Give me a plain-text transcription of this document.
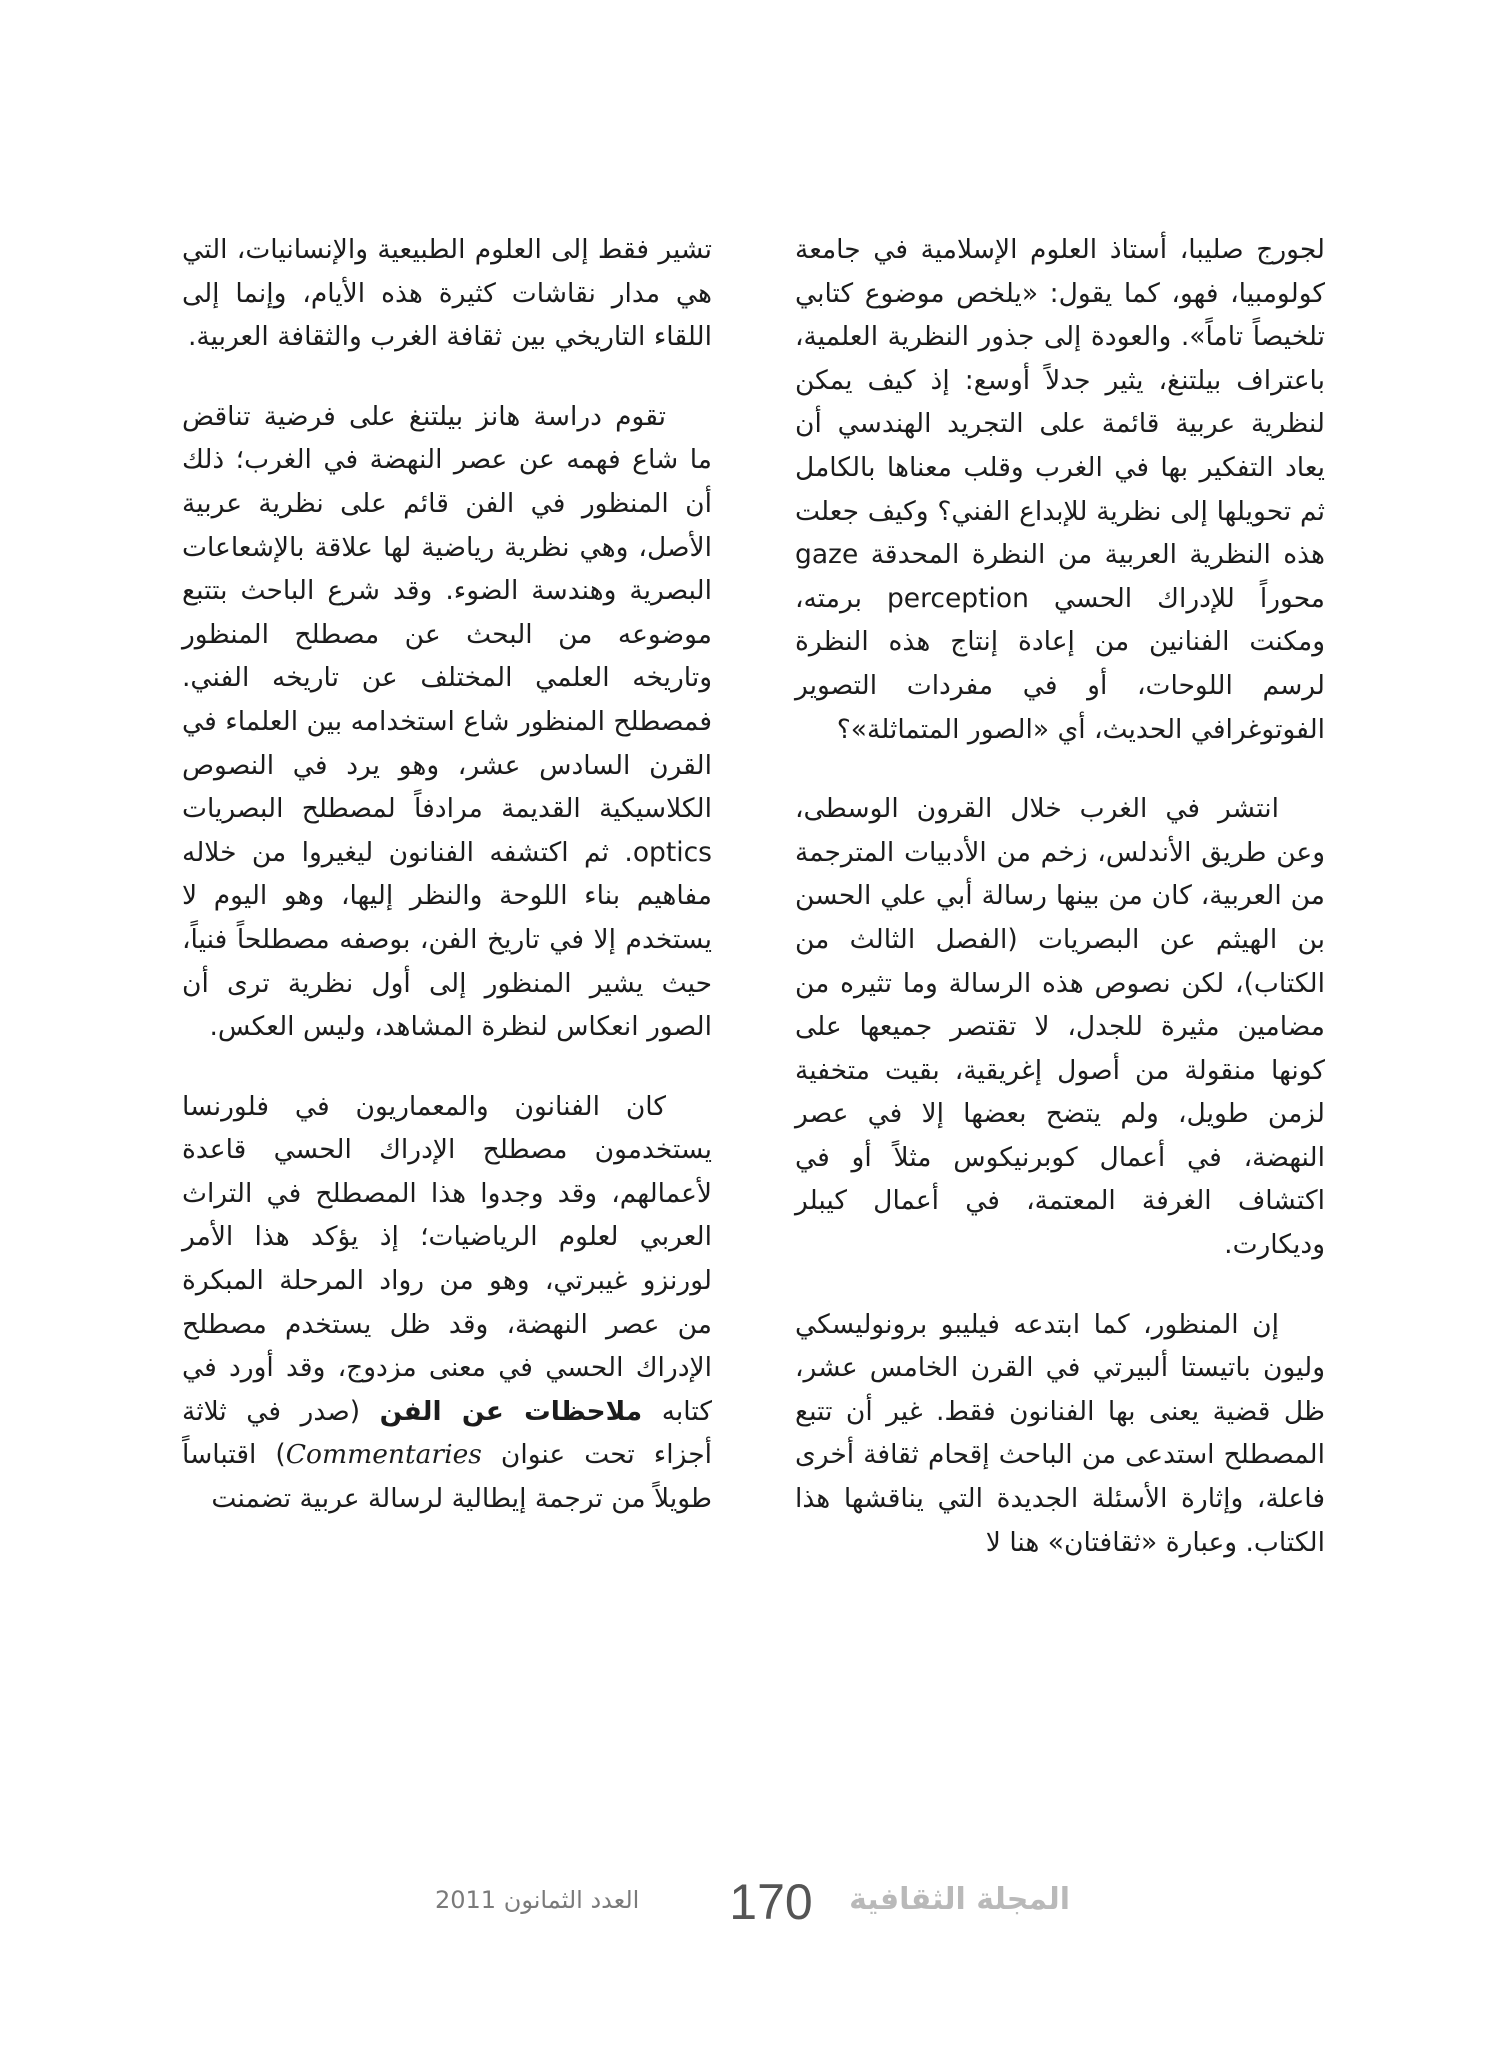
لجورج صليبا، أستاذ العلوم الإسلامية في جامعة كولومبيا، فهو، كما يقول: «يلخص موضوع كتابي تلخيصاً تاماً». والعودة إلى جذور النظرية العلمية، باعتراف بيلتنغ، يثير جدلاً أوسع: إذ كيف يمكن لنظرية عربية قائمة على التجريد الهندسي أن يعاد التفكير بها في الغرب وقلب معناها بالكامل ثم تحويلها إلى نظرية للإبداع الفني؟ وكيف جعلت هذه النظرية العربية من النظرة المحدقة gaze محوراً للإدراك الحسي perception برمته، ومكنت الفنانين من إعادة إنتاج هذه النظرة لرسم اللوحات، أو في مفردات التصوير الفوتوغرافي الحديث، أي «الصور المتماثلة»؟

انتشر في الغرب خلال القرون الوسطى، وعن طريق الأندلس، زخم من الأدبيات المترجمة من العربية، كان من بينها رسالة أبي علي الحسن بن الهيثم عن البصريات (الفصل الثالث من الكتاب)، لكن نصوص هذه الرسالة وما تثيره من مضامين مثيرة للجدل، لا تقتصر جميعها على كونها منقولة من أصول إغريقية، بقيت متخفية لزمن طويل، ولم يتضح بعضها إلا في عصر النهضة، في أعمال كوبرنيكوس مثلاً أو في اكتشاف الغرفة المعتمة، في أعمال كيبلر وديكارت.

إن المنظور، كما ابتدعه فيليبو برونوليسكي وليون باتيستا ألبيرتي في القرن الخامس عشر، ظل قضية يعنى بها الفنانون فقط. غير أن تتبع المصطلح استدعى من الباحث إقحام ثقافة أخرى فاعلة، وإثارة الأسئلة الجديدة التي يناقشها هذا الكتاب. وعبارة «ثقافتان» هنا لا

تشير فقط إلى العلوم الطبيعية والإنسانيات، التي هي مدار نقاشات كثيرة هذه الأيام، وإنما إلى اللقاء التاريخي بين ثقافة الغرب والثقافة العربية.

تقوم دراسة هانز بيلتنغ على فرضية تناقض ما شاع فهمه عن عصر النهضة في الغرب؛ ذلك أن المنظور في الفن قائم على نظرية عربية الأصل، وهي نظرية رياضية لها علاقة بالإشعاعات البصرية وهندسة الضوء. وقد شرع الباحث بتتبع موضوعه من البحث عن مصطلح المنظور وتاريخه العلمي المختلف عن تاريخه الفني. فمصطلح المنظور شاع استخدامه بين العلماء في القرن السادس عشر، وهو يرد في النصوص الكلاسيكية القديمة مرادفاً لمصطلح البصريات optics. ثم اكتشفه الفنانون ليغيروا من خلاله مفاهيم بناء اللوحة والنظر إليها، وهو اليوم لا يستخدم إلا في تاريخ الفن، بوصفه مصطلحاً فنياً، حيث يشير المنظور إلى أول نظرية ترى أن الصور انعكاس لنظرة المشاهد، وليس العكس.

كان الفنانون والمعماريون في فلورنسا يستخدمون مصطلح الإدراك الحسي قاعدة لأعمالهم، وقد وجدوا هذا المصطلح في التراث العربي لعلوم الرياضيات؛ إذ يؤكد هذا الأمر لورنزو غيبرتي، وهو من رواد المرحلة المبكرة من عصر النهضة، وقد ظل يستخدم مصطلح الإدراك الحسي في معنى مزدوج، وقد أورد في كتابه ملاحظات عن الفن (صدر في ثلاثة أجزاء تحت عنوان Commentaries) اقتباساً طويلاً من ترجمة إيطالية لرسالة عربية تضمنت

العدد الثمانون 2011	170	المجلة الثقافية
